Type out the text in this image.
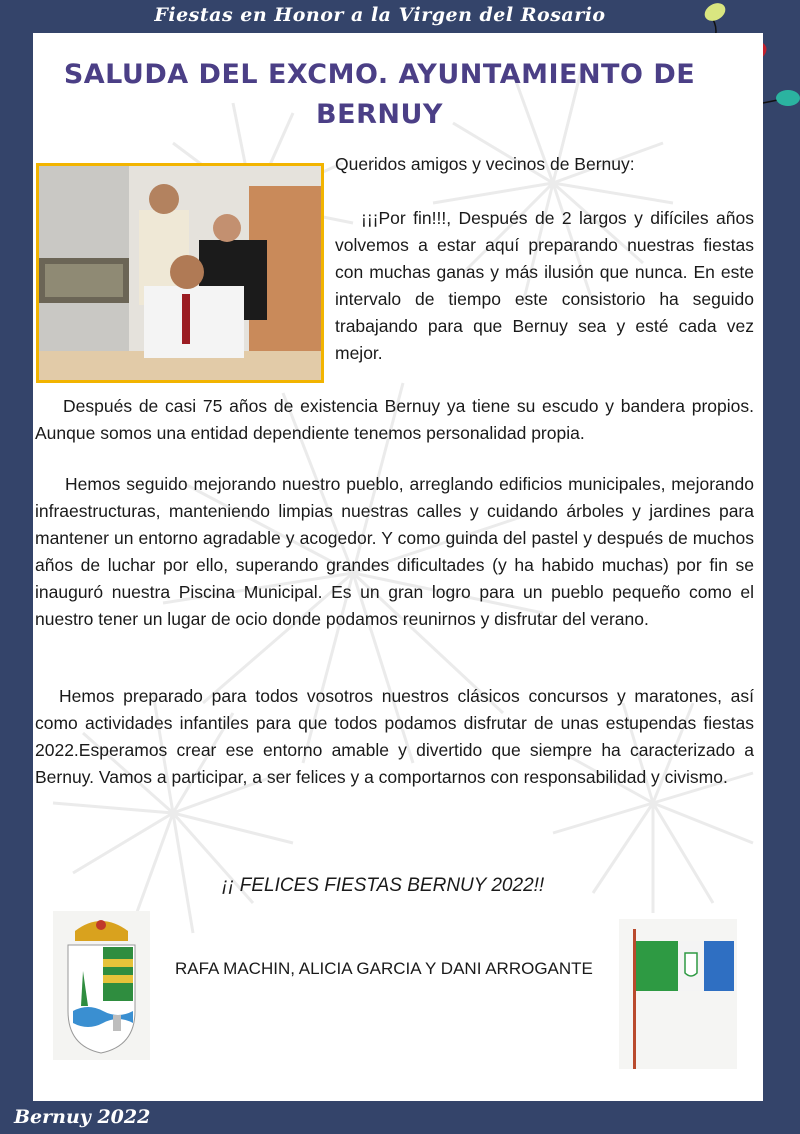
Fiestas en Honor a la Virgen del Rosario
SALUDA DEL EXCMO. AYUNTAMIENTO DE BERNUY
Queridos amigos y vecinos de Bernuy:
¡¡¡Por fin!!!, Después de 2 largos y difíciles años volvemos a estar aquí preparando nuestras fiestas con muchas ganas y más ilusión que nunca. En este intervalo de tiempo este consistorio ha seguido trabajando para que Bernuy sea y esté cada vez mejor.
Después de casi 75 años de existencia Bernuy ya tiene su escudo y bandera propios. Aunque somos una entidad dependiente tenemos personalidad propia.
Hemos seguido mejorando nuestro pueblo, arreglando edificios municipales, mejorando infraestructuras, manteniendo limpias nuestras calles y cuidando árboles y jardines para mantener un entorno agradable y acogedor. Y como guinda del pastel y después de muchos años de luchar por ello, superando grandes dificultades (y ha habido muchas) por fin se inauguró nuestra Piscina Municipal. Es un gran logro para un pueblo pequeño como el nuestro tener un lugar de ocio donde podamos reunirnos y disfrutar del verano.
Hemos preparado para todos vosotros nuestros clásicos concursos y maratones, así como actividades infantiles para que todos podamos disfrutar de unas estupendas fiestas 2022.Esperamos crear ese entorno amable y divertido que siempre ha caracterizado a Bernuy. Vamos a participar, a ser felices y a comportarnos con responsabilidad y civismo.
¡¡ FELICES FIESTAS BERNUY 2022!!
RAFA MACHIN, ALICIA GARCIA Y DANI ARROGANTE
Bernuy 2022
